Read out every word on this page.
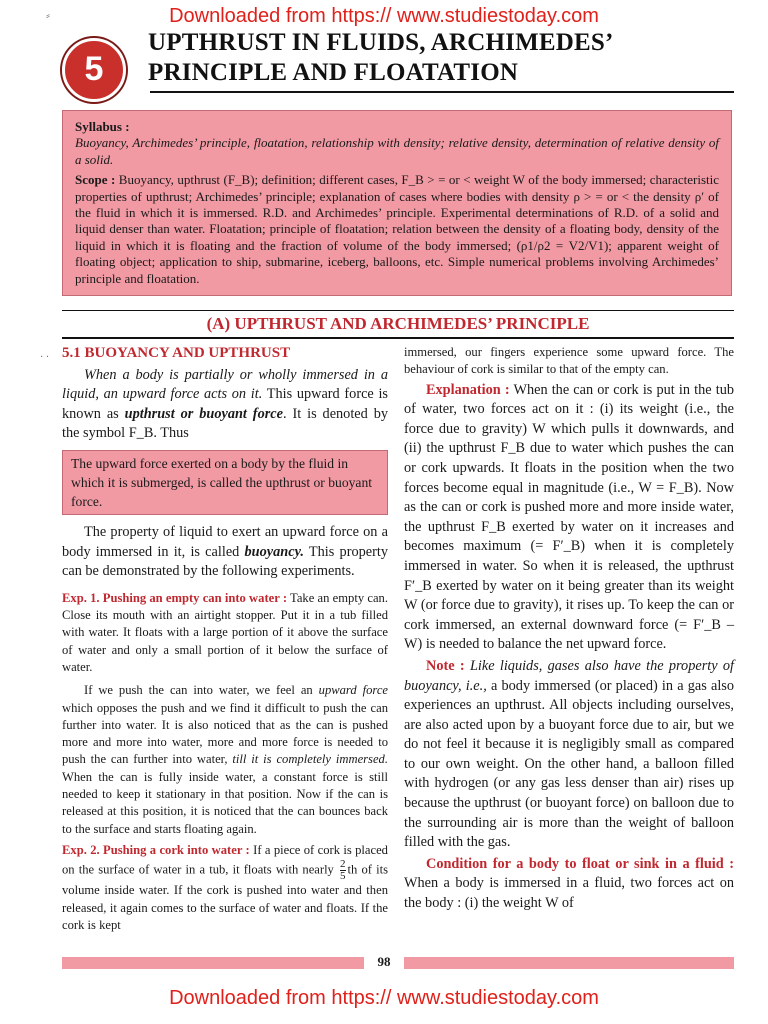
Downloaded from https:// www.studiestoday.com
⸗
5
UPTHRUST IN FLUIDS, ARCHIMEDES’
PRINCIPLE AND FLOATATION
Syllabus :
Buoyancy, Archimedes’ principle, floatation, relationship with density; relative density, determination of relative density of a solid.
Scope : Buoyancy, upthrust (F_B); definition; different cases, F_B > = or < weight W of the body immersed; characteristic properties of upthrust; Archimedes’ principle; explanation of cases where bodies with density ρ > = or < the density ρ′ of the fluid in which it is immersed. R.D. and Archimedes’ principle. Experimental determinations of R.D. of a solid and liquid denser than water. Floatation; principle of floatation; relation between the density of a floating body, density of the liquid in which it is floating and the fraction of volume of the body immersed; (ρ1/ρ2 = V2/V1); apparent weight of floating object; application to ship, submarine, iceberg, balloons, etc. Simple numerical problems involving Archimedes’ principle and floatation.
(A) UPTHRUST AND ARCHIMEDES’ PRINCIPLE
· · 5.1 BUOYANCY AND UPTHRUST

When a body is partially or wholly immersed in a liquid, an upward force acts on it. This upward force is known as upthrust or buoyant force. It is denoted by the symbol F_B. Thus

The upward force exerted on a body by the fluid in which it is submerged, is called the upthrust or buoyant force.

The property of liquid to exert an upward force on a body immersed in it, is called buoyancy. This property can be demonstrated by the following experiments.

Exp. 1. Pushing an empty can into water : Take an empty can. Close its mouth with an airtight stopper. Put it in a tub filled with water. It floats with a large portion of it above the surface of water and only a small portion of it below the surface of water.

If we push the can into water, we feel an upward force which opposes the push and we find it difficult to push the can further into water. It is also noticed that as the can is pushed more and more into water, more and more force is needed to push the can further into water, till it is completely immersed. When the can is fully inside water, a constant force is still needed to keep it stationary in that position. Now if the can is released at this position, it is noticed that the can bounces back to the surface and starts floating again.

Exp. 2. Pushing a cork into water : If a piece of cork is placed on the surface of water in a tub, it floats with nearly $\frac{2}{5}$ th of its volume inside water. If the cork is pushed into water and then released, it again comes to the surface of water and floats. If the cork is kept

immersed, our fingers experience some upward force. The behaviour of cork is similar to that of the empty can.

Explanation : When the can or cork is put in the tub of water, two forces act on it : (i) its weight (i.e., the force due to gravity) W which pulls it downwards, and (ii) the upthrust F_B due to water which pushes the can or cork upwards. It floats in the position when the two forces become equal in magnitude (i.e., W = F_B). Now as the can or cork is pushed more and more inside water, the upthrust F_B exerted by water on it increases and becomes maximum (= F′_B) when it is completely immersed in water. So when it is released, the upthrust F′_B exerted by water on it being greater than its weight W (or force due to gravity), it rises up. To keep the can or cork immersed, an external downward force (= F′_B – W) is needed to balance the net upward force.

Note : Like liquids, gases also have the property of buoyancy, i.e., a body immersed (or placed) in a gas also experiences an upthrust. All objects including ourselves, are also acted upon by a buoyant force due to air, but we do not feel it because it is negligibly small as compared to our own weight. On the other hand, a balloon filled with hydrogen (or any gas less denser than air) rises up because the upthrust (or buoyant force) on balloon due to the surrounding air is more than the weight of balloon filled with the gas.

Condition for a body to float or sink in a fluid : When a body is immersed in a fluid, two forces act on the body : (i) the weight W of

98
Downloaded from https:// www.studiestoday.com
